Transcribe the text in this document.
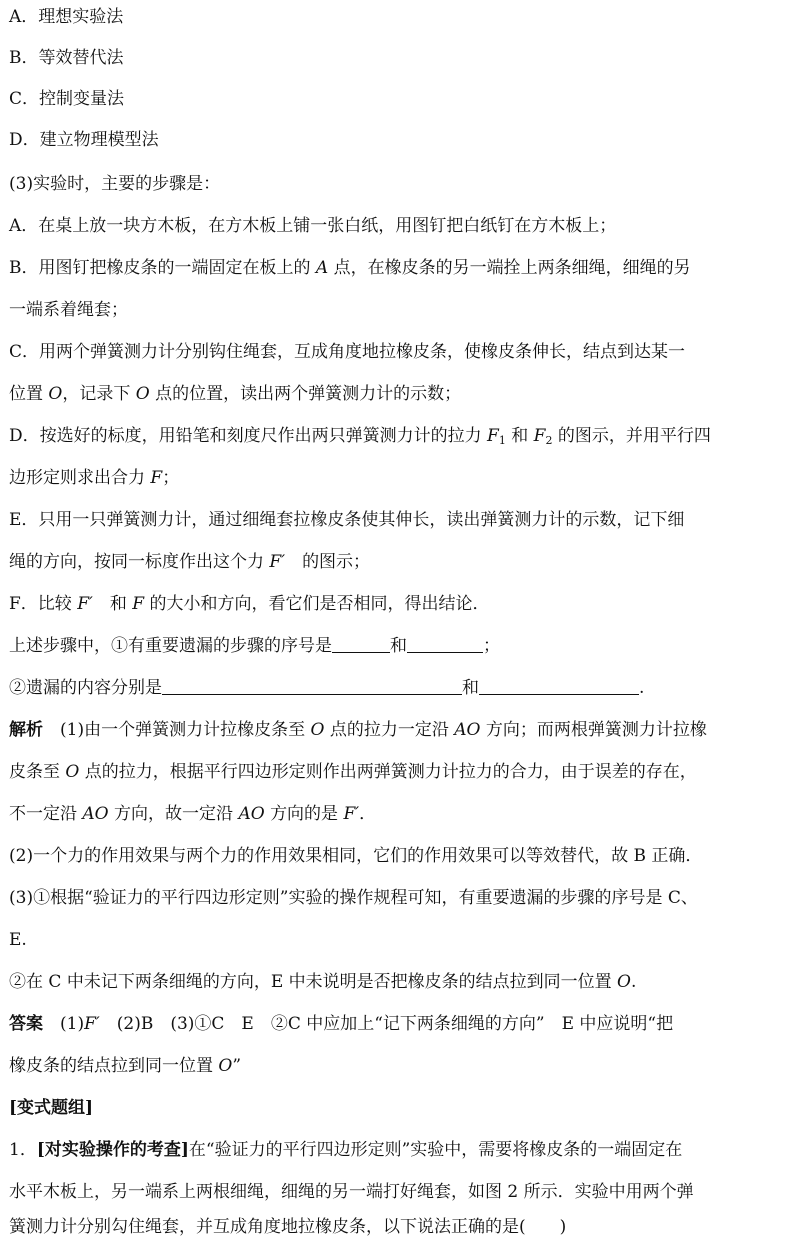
A．理想实验法
B．等效替代法
C．控制变量法
D．建立物理模型法
(3)实验时，主要的步骤是：
A．在桌上放一块方木板，在方木板上铺一张白纸，用图钉把白纸钉在方木板上；
B．用图钉把橡皮条的一端固定在板上的 A 点，在橡皮条的另一端拴上两条细绳，细绳的另
一端系着绳套；
C．用两个弹簧测力计分别钩住绳套，互成角度地拉橡皮条，使橡皮条伸长，结点到达某一
位置 O，记录下 O 点的位置，读出两个弹簧测力计的示数；
D．按选好的标度，用铅笔和刻度尺作出两只弹簧测力计的拉力 $F_1$ 和 $F_2$ 的图示，并用平行四
边形定则求出合力 F；
E．只用一只弹簧测力计，通过细绳套拉橡皮条使其伸长，读出弹簧测力计的示数，记下细
绳的方向，按同一标度作出这个力 F′　 的图示；
F．比较 F′　 和 F 的大小和方向，看它们是否相同，得出结论．
上述步骤中，①有重要遗漏的步骤的序号是	和	；
②遗漏的内容分别是	和	.
解析　 (1)由一个弹簧测力计拉橡皮条至 O 点的拉力一定沿 AO 方向；而两根弹簧测力计拉橡
皮条至 O 点的拉力，根据平行四边形定则作出两弹簧测力计拉力的合力，由于误差的存在，
不一定沿 AO 方向，故一定沿 AO 方向的是 F′．
(2)一个力的作用效果与两个力的作用效果相同，它们的作用效果可以等效替代，故 B 正确．
(3)①根据“验证力的平行四边形定则”实验的操作规程可知，有重要遗漏的步骤的序号是 C、
E.
②在 C 中未记下两条细绳的方向，E 中未说明是否把橡皮条的结点拉到同一位置 O.
答案　 (1)F′　 (2)B　(3)①C　E　②C 中应加上“记下两条细绳的方向”　E 中应说明“把
橡皮条的结点拉到同一位置 O”
[变式题组]
1．[对实验操作的考查]在“验证力的平行四边形定则”实验中，需要将橡皮条的一端固定在
水平木板上，另一端系上两根细绳，细绳的另一端打好绳套，如图 2 所示．实验中用两个弹
簧测力计分别勾住绳套，并互成角度地拉橡皮条，以下说法正确的是(　　)
